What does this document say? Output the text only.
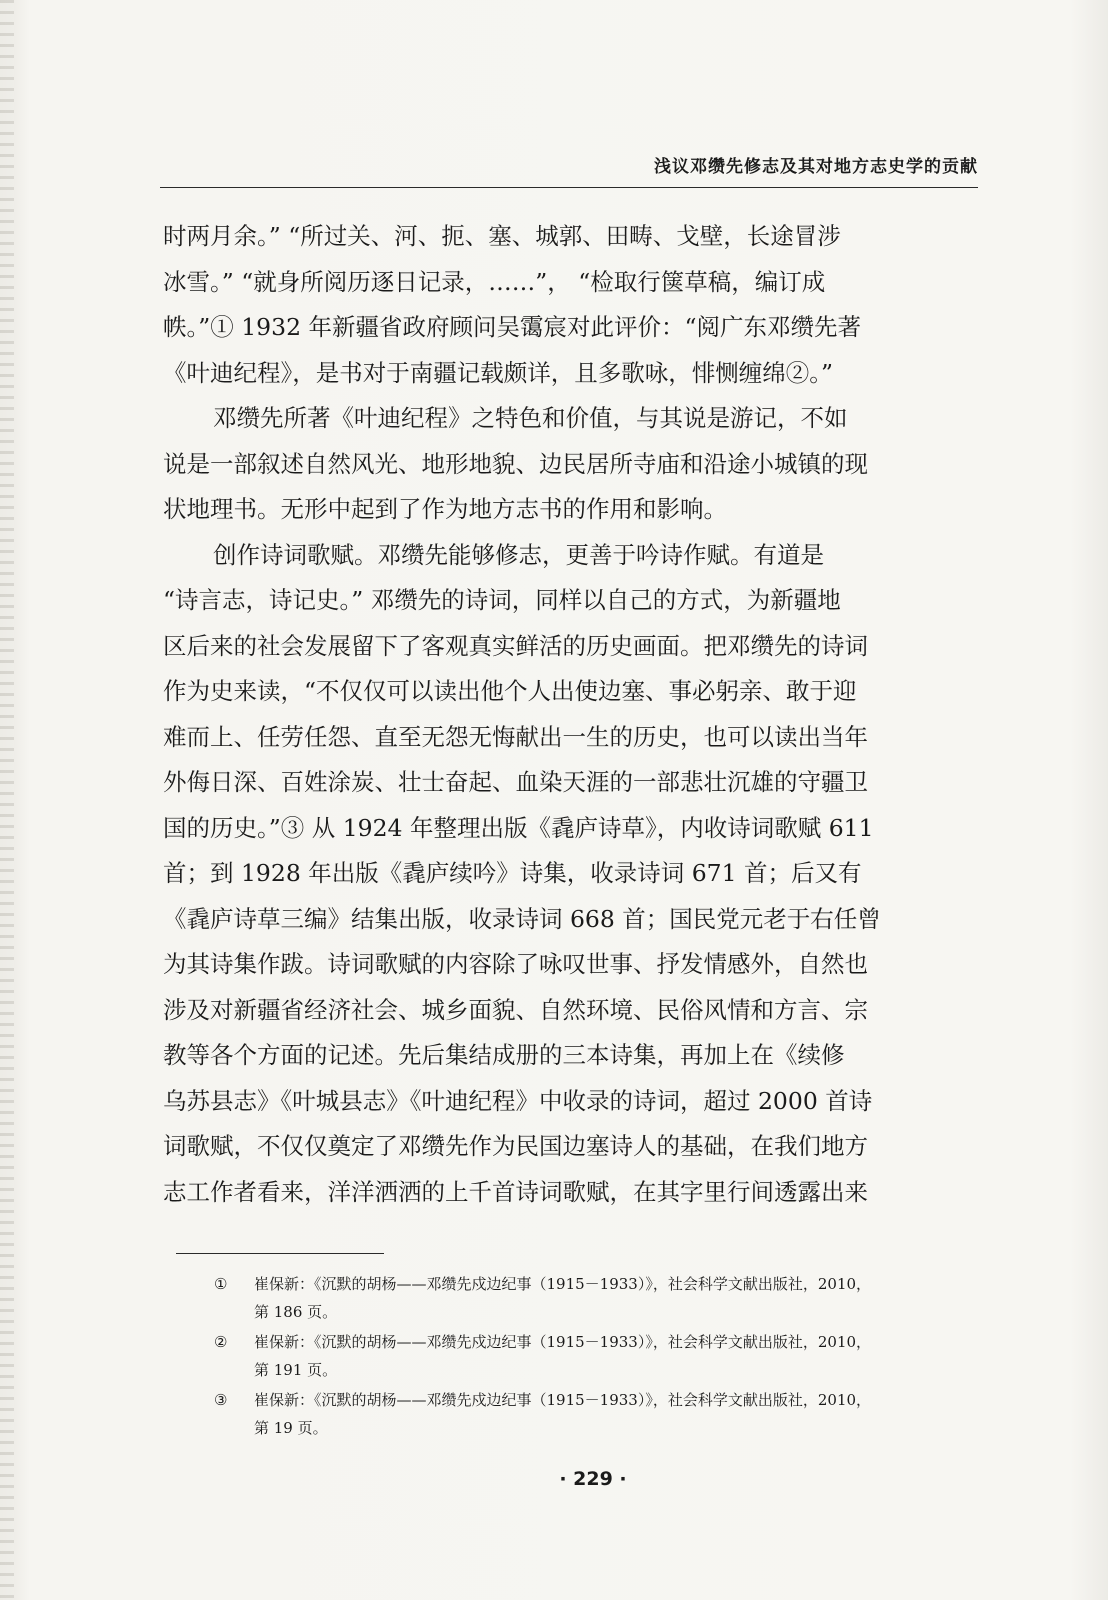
浅议邓缵先修志及其对地方志史学的贡献

时两月余。” “所过关、河、扼、塞、城郭、田畴、戈壁，长途冒涉
冰雪。” “就身所阅历逐日记录，……”， “检取行箧草稿，编订成
帙。”① 1932 年新疆省政府顾问吴霭宸对此评价：“阅广东邓缵先著
《叶迪纪程》，是书对于南疆记载颇详，且多歌咏，悱恻缠绵②。”

邓缵先所著《叶迪纪程》之特色和价值，与其说是游记，不如
说是一部叙述自然风光、地形地貌、边民居所寺庙和沿途小城镇的现
状地理书。无形中起到了作为地方志书的作用和影响。

创作诗词歌赋。邓缵先能够修志，更善于吟诗作赋。有道是
“诗言志，诗记史。” 邓缵先的诗词，同样以自己的方式，为新疆地
区后来的社会发展留下了客观真实鲜活的历史画面。把邓缵先的诗词
作为史来读，“不仅仅可以读出他个人出使边塞、事必躬亲、敢于迎
难而上、任劳任怨、直至无怨无悔献出一生的历史，也可以读出当年
外侮日深、百姓涂炭、壮士奋起、血染天涯的一部悲壮沉雄的守疆卫
国的历史。”③ 从 1924 年整理出版《毳庐诗草》，内收诗词歌赋 611
首；到 1928 年出版《毳庐续吟》诗集，收录诗词 671 首；后又有
《毳庐诗草三编》结集出版，收录诗词 668 首；国民党元老于右任曾
为其诗集作跋。诗词歌赋的内容除了咏叹世事、抒发情感外，自然也
涉及对新疆省经济社会、城乡面貌、自然环境、民俗风情和方言、宗
教等各个方面的记述。先后集结成册的三本诗集，再加上在《续修
乌苏县志》《叶城县志》《叶迪纪程》中收录的诗词，超过 2000 首诗
词歌赋，不仅仅奠定了邓缵先作为民国边塞诗人的基础，在我们地方
志工作者看来，洋洋洒洒的上千首诗词歌赋，在其字里行间透露出来

① 崔保新：《沉默的胡杨——邓缵先戍边纪事（1915－1933）》，社会科学文献出版社，2010，
第 186 页。
② 崔保新：《沉默的胡杨——邓缵先戍边纪事（1915－1933）》，社会科学文献出版社，2010，
第 191 页。
③ 崔保新：《沉默的胡杨——邓缵先戍边纪事（1915－1933）》，社会科学文献出版社，2010，
第 19 页。
· 229 ·
